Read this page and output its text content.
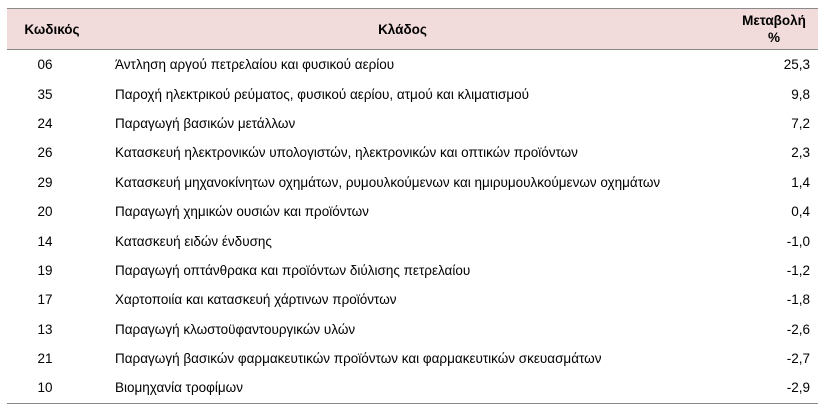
Κωδικός	Κλάδος	Μεταβολή
%

06	Άντληση αργού πετρελαίου και φυσικού αερίου	25,3
35	Παροχή ηλεκτρικού ρεύματος, φυσικού αερίου, ατμού και κλιματισμού	9,8
24	Παραγωγή βασικών μετάλλων	7,2
26	Κατασκευή ηλεκτρονικών υπολογιστών, ηλεκτρονικών και οπτικών προϊόντων	2,3
29	Κατασκευή μηχανοκίνητων οχημάτων, ρυμουλκούμενων και ημιρυμουλκούμενων οχημάτων	1,4
20	Παραγωγή χημικών ουσιών και προϊόντων	0,4
14	Κατασκευή ειδών ένδυσης	-1,0
19	Παραγωγή οπτάνθρακα και προϊόντων διύλισης πετρελαίου	-1,2
17	Χαρτοποιία και κατασκευή χάρτινων προϊόντων	-1,8
13	Παραγωγή κλωστοϋφαντουργικών υλών	-2,6
21	Παραγωγή βασικών φαρμακευτικών προϊόντων και φαρμακευτικών σκευασμάτων	-2,7
10	Βιομηχανία τροφίμων	-2,9
